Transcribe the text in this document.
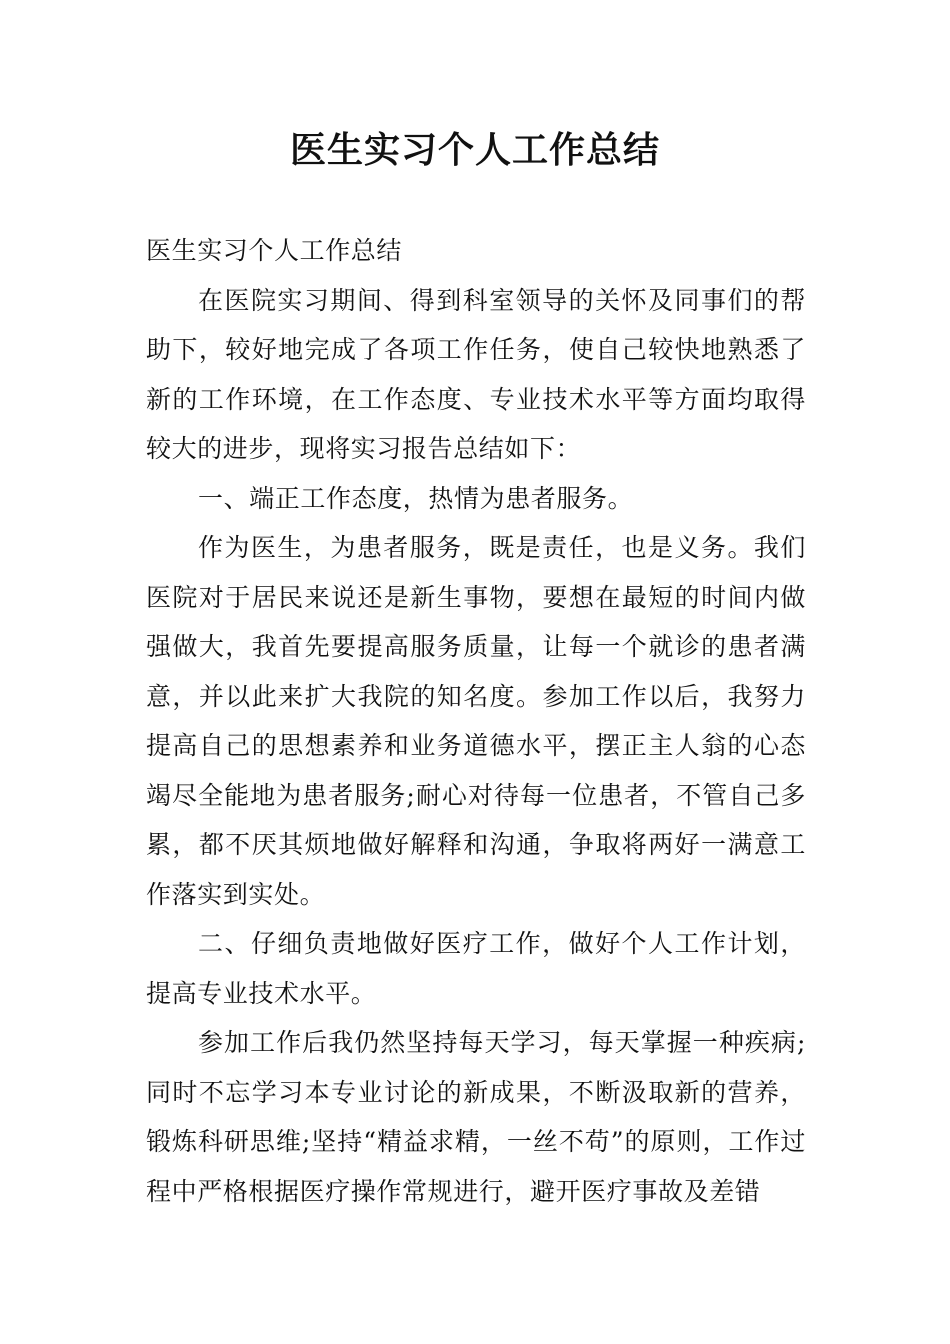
医生实习个人工作总结

医生实习个人工作总结

在医院实习期间、得到科室领导的关怀及同事们的帮助下，较好地完成了各项工作任务，使自己较快地熟悉了新的工作环境，在工作态度、专业技术水平等方面均取得较大的进步，现将实习报告总结如下：

一、端正工作态度，热情为患者服务。

作为医生，为患者服务，既是责任，也是义务。我们医院对于居民来说还是新生事物，要想在最短的时间内做强做大，我首先要提高服务质量，让每一个就诊的患者满意，并以此来扩大我院的知名度。参加工作以后，我努力提高自己的思想素养和业务道德水平，摆正主人翁的心态竭尽全能地为患者服务;耐心对待每一位患者，不管自己多累，都不厌其烦地做好解释和沟通，争取将两好一满意工作落实到实处。

二、仔细负责地做好医疗工作，做好个人工作计划，提高专业技术水平。

参加工作后我仍然坚持每天学习，每天掌握一种疾病;同时不忘学习本专业讨论的新成果，不断汲取新的营养，锻炼科研思维;坚持“精益求精，一丝不苟”的原则，工作过程中严格根据医疗操作常规进行，避开医疗事故及差错
